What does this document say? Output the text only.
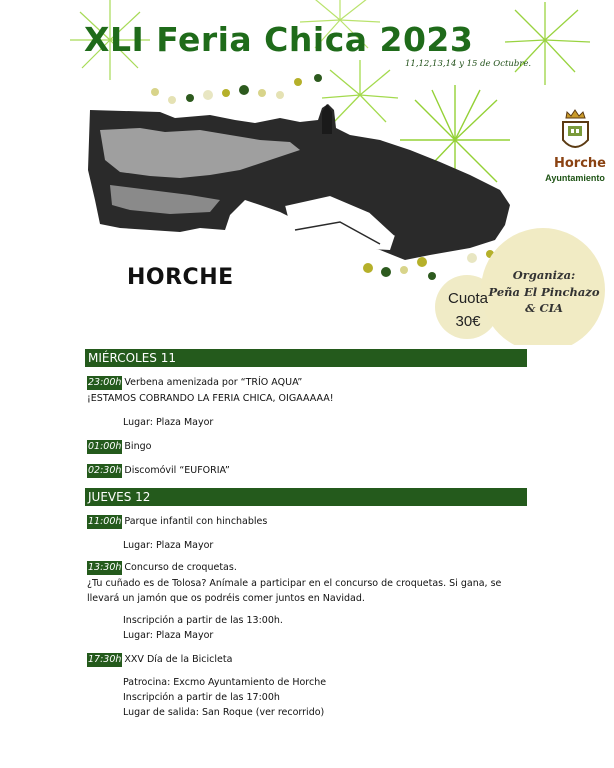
XLI Feria Chica 2023
11,12,13,14 y 15 de Octubre.
HORCHE
Horche
Ayuntamiento
Cuota
30€
Organiza:
Peña El Pinchazo & CIA
MIÉRCOLES 11
23:00h Verbena amenizada por “TRÍO AQUA”
¡ESTAMOS COBRANDO LA FERIA CHICA, OIGAAAAA!
Lugar: Plaza Mayor
01:00h Bingo
02:30h Discomóvil “EUFORIA”
JUEVES 12
11:00h Parque infantil con hinchables
Lugar: Plaza Mayor
13:30h Concurso de croquetas.
¿Tu cuñado es de Tolosa? Anímale a participar en el concurso de croquetas. Si gana, se
llevará un jamón que os podréis comer juntos en Navidad.
Inscripción a partir de las 13:00h.
Lugar: Plaza Mayor
17:30h XXV Día de la Bicicleta
Patrocina: Excmo Ayuntamiento de Horche
Inscripción a partir de las 17:00h
Lugar de salida: San Roque (ver recorrido)
